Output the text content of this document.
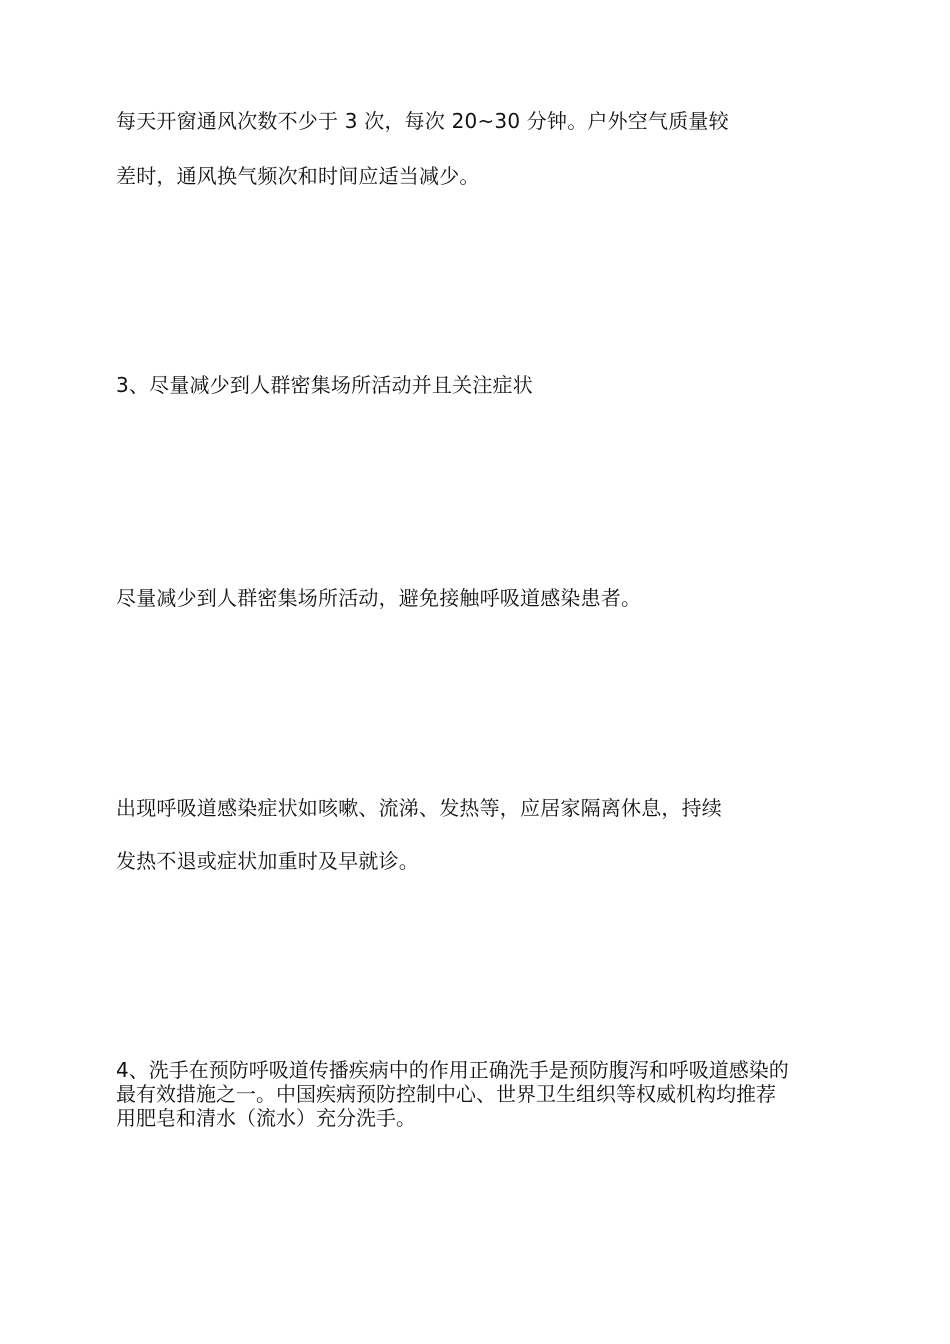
每天开窗通风次数不少于 3 次，每次 20~30 分钟。户外空气质量较

差时，通风换气频次和时间应适当减少。

3、尽量减少到人群密集场所活动并且关注症状

尽量减少到人群密集场所活动，避免接触呼吸道感染患者。

出现呼吸道感染症状如咳嗽、流涕、发热等，应居家隔离休息，持续

发热不退或症状加重时及早就诊。

4、洗手在预防呼吸道传播疾病中的作用正确洗手是预防腹泻和呼吸道感染的
最有效措施之一。中国疾病预防控制中心、世界卫生组织等权威机构均推荐
用肥皂和清水（流水）充分洗手。
